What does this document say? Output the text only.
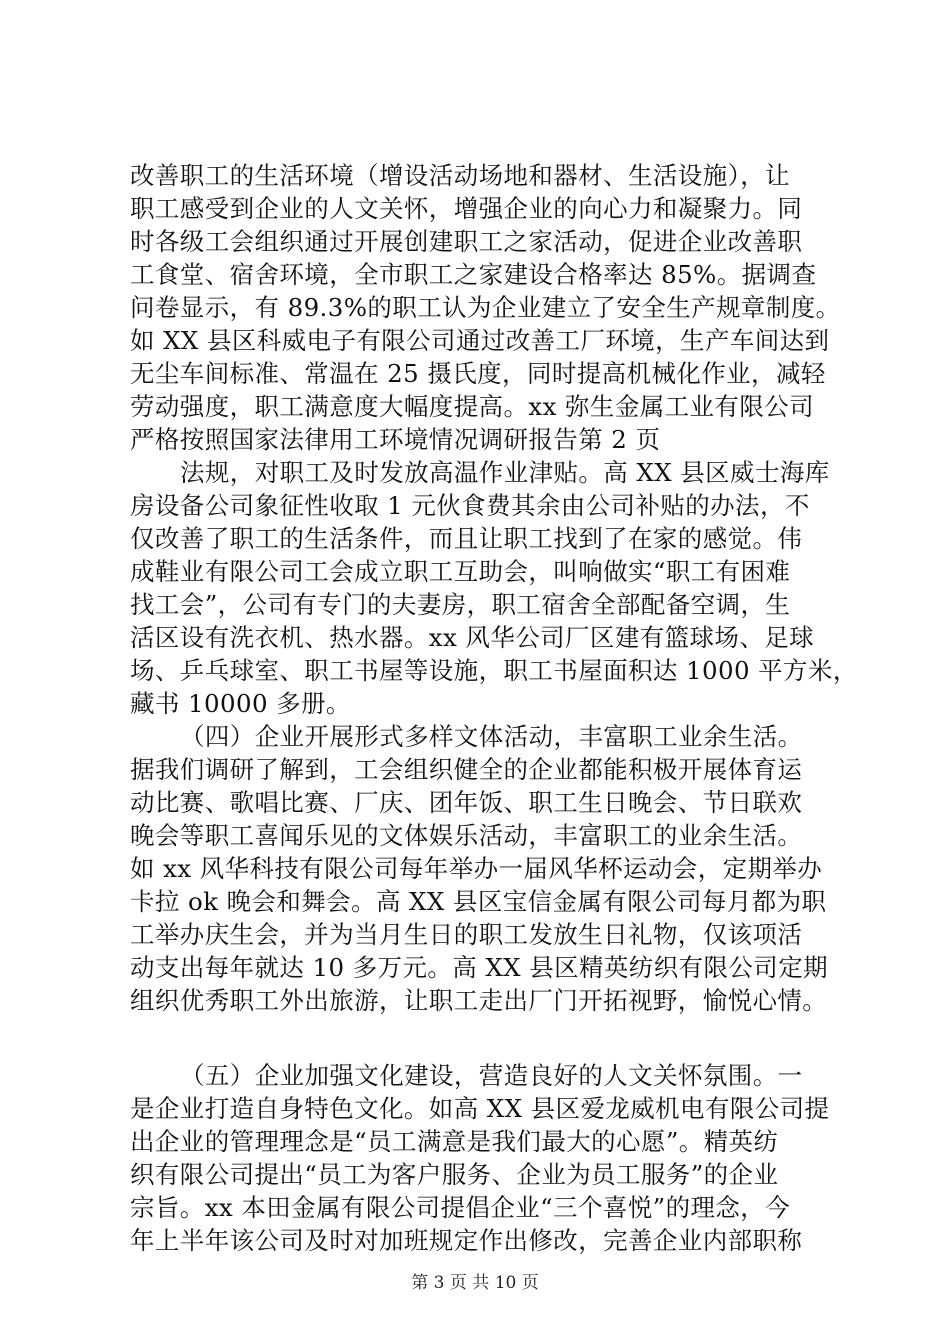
改善职工的生活环境（增设活动场地和器材、生活设施），让
职工感受到企业的人文关怀，增强企业的向心力和凝聚力。同
时各级工会组织通过开展创建职工之家活动，促进企业改善职
工食堂、宿舍环境，全市职工之家建设合格率达 85%。据调查
问卷显示，有 89.3%的职工认为企业建立了安全生产规章制度。
如 XX 县区科威电子有限公司通过改善工厂环境，生产车间达到
无尘车间标准、常温在 25 摄氏度，同时提高机械化作业，减轻
劳动强度，职工满意度大幅度提高。xx 弥生金属工业有限公司
严格按照国家法律用工环境情况调研报告第 2 页
法规，对职工及时发放高温作业津贴。高 XX 县区威士海库
房设备公司象征性收取 1 元伙食费其余由公司补贴的办法，不
仅改善了职工的生活条件，而且让职工找到了在家的感觉。伟
成鞋业有限公司工会成立职工互助会，叫响做实“职工有困难
找工会”，公司有专门的夫妻房，职工宿舍全部配备空调，生
活区设有洗衣机、热水器。xx 风华公司厂区建有篮球场、足球
场、乒乓球室、职工书屋等设施，职工书屋面积达 1000 平方米，
藏书 10000 多册。
（四）企业开展形式多样文体活动，丰富职工业余生活。
据我们调研了解到，工会组织健全的企业都能积极开展体育运
动比赛、歌唱比赛、厂庆、团年饭、职工生日晚会、节日联欢
晚会等职工喜闻乐见的文体娱乐活动，丰富职工的业余生活。
如 xx 风华科技有限公司每年举办一届风华杯运动会，定期举办
卡拉 ok 晚会和舞会。高 XX 县区宝信金属有限公司每月都为职
工举办庆生会，并为当月生日的职工发放生日礼物，仅该项活
动支出每年就达 10 多万元。高 XX 县区精英纺织有限公司定期
组织优秀职工外出旅游，让职工走出厂门开拓视野，愉悦心情。
（五）企业加强文化建设，营造良好的人文关怀氛围。一
是企业打造自身特色文化。如高 XX 县区爱龙威机电有限公司提
出企业的管理理念是“员工满意是我们最大的心愿”。精英纺
织有限公司提出“员工为客户服务、企业为员工服务”的企业
宗旨。xx 本田金属有限公司提倡企业“三个喜悦”的理念，今
年上半年该公司及时对加班规定作出修改，完善企业内部职称
第 3 页 共 10 页
